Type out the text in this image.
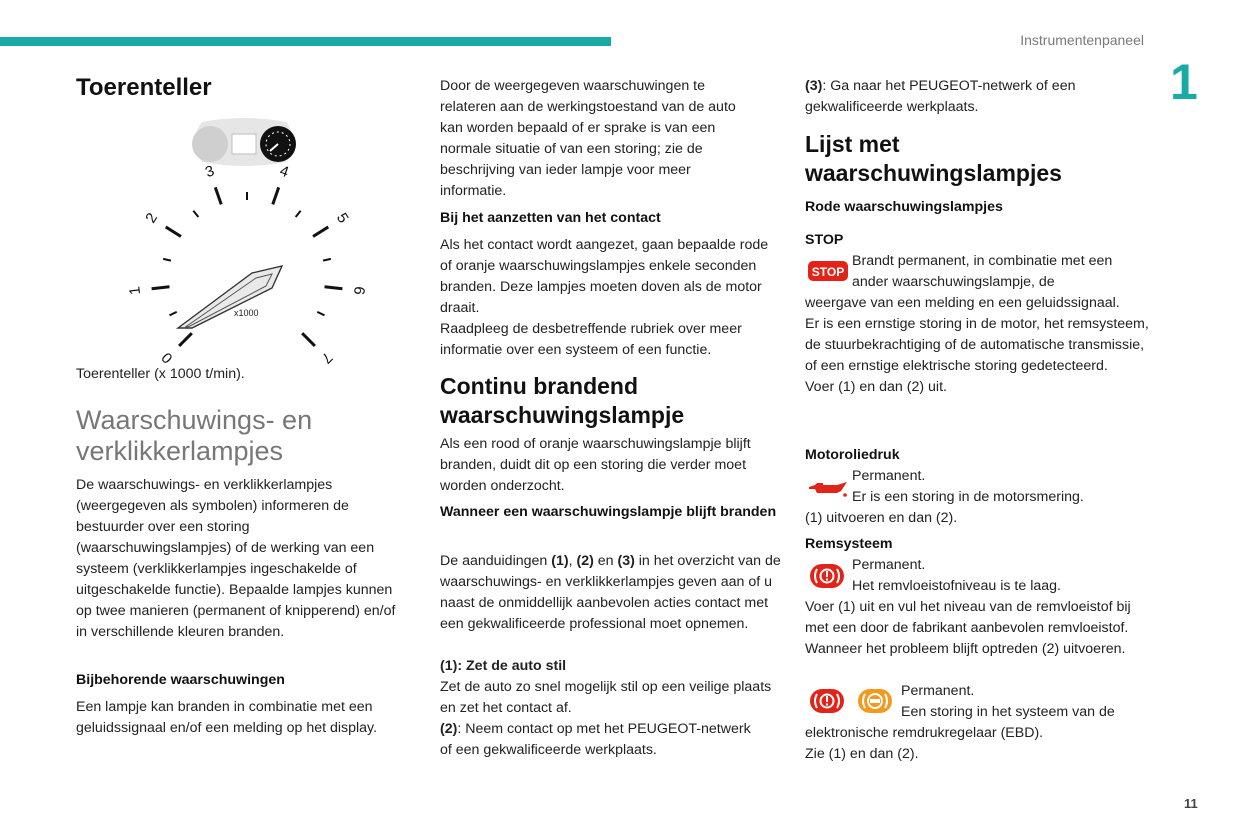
Instrumentenpaneel
1
11
Toerenteller
0
1
2
3	4
5
6
7
x1000

Toerenteller (x 1000 t/min).

Waarschuwings- en
verklikkerlampjes

De waarschuwings- en verklikkerlampjes (weergegeven als symbolen) informeren de bestuurder over een storing (waarschuwingslampjes) of de werking van een systeem (verklikkerlampjes ingeschakelde of uitgeschakelde functie). Bepaalde lampjes kunnen op twee manieren (permanent of knipperend) en/of in verschillende kleuren branden.

Bijbehorende waarschuwingen

Een lampje kan branden in combinatie met een geluidssignaal en/of een melding op het display.

Door de weergegeven waarschuwingen te relateren aan de werkingstoestand van de auto kan worden bepaald of er sprake is van een normale situatie of van een storing; zie de beschrijving van ieder lampje voor meer informatie.

Bij het aanzetten van het contact

Als het contact wordt aangezet, gaan bepaalde rode of oranje waarschuwingslampjes enkele seconden branden. Deze lampjes moeten doven als de motor draait.

Raadpleeg de desbetreffende rubriek over meer informatie over een systeem of een functie.

Continu brandend
waarschuwingslampje

Als een rood of oranje waarschuwingslampje blijft branden, duidt dit op een storing die verder moet worden onderzocht.

Wanneer een waarschuwingslampje blijft branden

De aanduidingen (1), (2) en (3) in het overzicht van de waarschuwings- en verklikkerlampjes geven aan of u naast de onmiddellijk aanbevolen acties contact met een gekwalificeerde professional moet opnemen.

(1): Zet de auto stil
Zet de auto zo snel mogelijk stil op een veilige plaats en zet het contact af.

(2): Neem contact op met het PEUGEOT-netwerk of een gekwalificeerde werkplaats.

(3): Ga naar het PEUGEOT-netwerk of een gekwalificeerde werkplaats.

Lijst met
waarschuwingslampjes

Rode waarschuwingslampjes

STOP

STOP
Brandt permanent, in combinatie met een
ander waarschuwingslampje, de
weergave van een melding en een geluidssignaal.
Er is een ernstige storing in de motor, het remsysteem, de stuurbekrachtiging of de automatische transmissie, of een ernstige elektrische storing gedetecteerd.
Voer (1) en dan (2) uit.

Motoroliedruk

Permanent.
Er is een storing in de motorsmering.
(1) uitvoeren en dan (2).

Remsysteem

Permanent.
Het remvloeistofniveau is te laag.
Voer (1) uit en vul het niveau van de remvloeistof bij met een door de fabrikant aanbevolen remvloeistof. Wanneer het probleem blijft optreden (2) uitvoeren.
Permanent.
Een storing in het systeem van de
elektronische remdrukregelaar (EBD).
Zie (1) en dan (2).
